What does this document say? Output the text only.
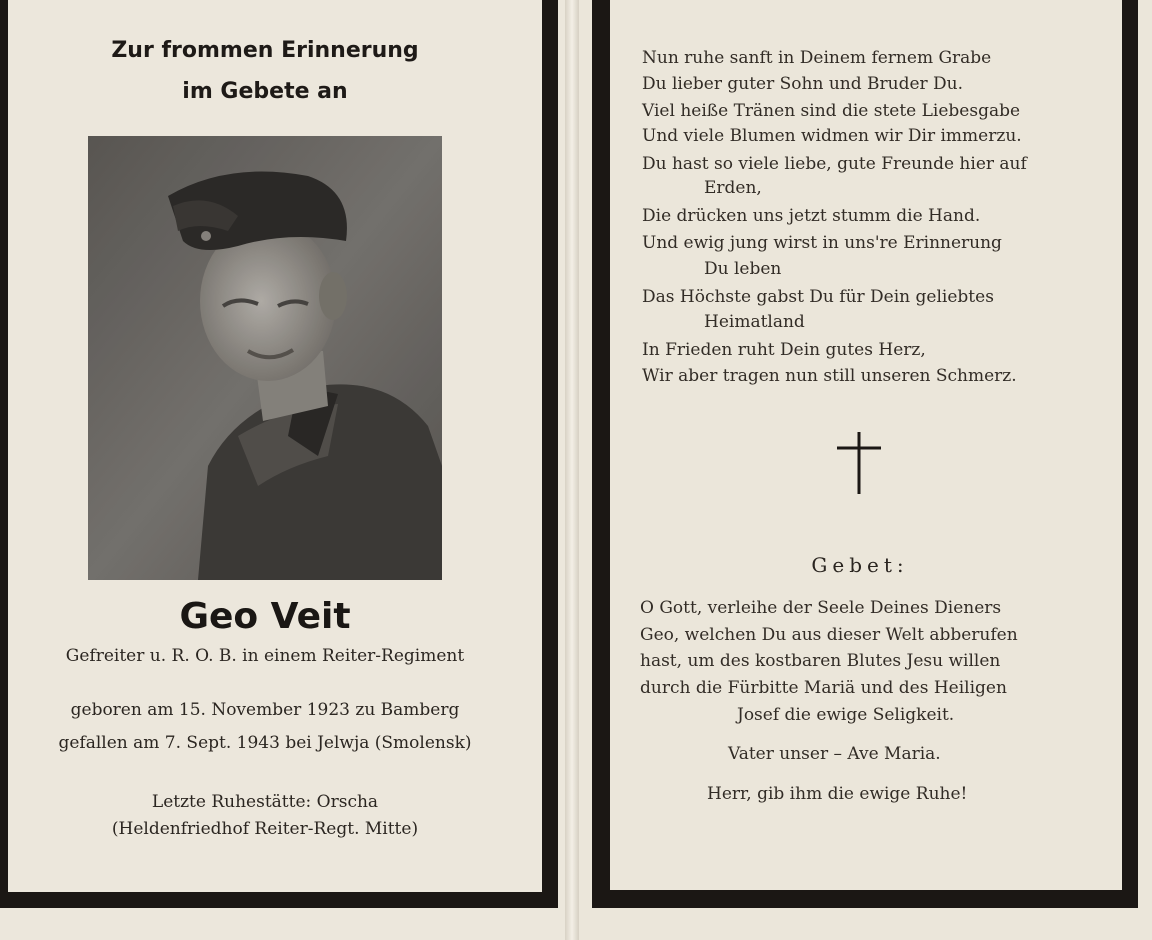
Zur frommen Erinnerung
im Gebete an
Geo Veit
Gefreiter u. R. O. B. in einem Reiter-Regiment
geboren am 15. November 1923 zu Bamberg
gefallen am 7. Sept. 1943 bei Jelwja (Smolensk)
Letzte Ruhestätte: Orscha
(Heldenfriedhof Reiter-Regt. Mitte)
Nun ruhe sanft in Deinem fernem Grabe
Du lieber guter Sohn und Bruder Du.
Viel heiße Tränen sind die stete Liebesgabe
Und viele Blumen widmen wir Dir immerzu.
Du hast so viele liebe, gute Freunde hier auf
Erden,
Die drücken uns jetzt stumm die Hand.
Und ewig jung wirst in uns're Erinnerung
Du leben
Das Höchste gabst Du für Dein geliebtes
Heimatland
In Frieden ruht Dein gutes Herz,
Wir aber tragen nun still unseren Schmerz.
Gebet:
O Gott, verleihe der Seele Deines Dieners
Geo, welchen Du aus dieser Welt abberufen
hast, um des kostbaren Blutes Jesu willen
durch die Fürbitte Mariä und des Heiligen
Josef die ewige Seligkeit.
Vater unser – Ave Maria.
Herr, gib ihm die ewige Ruhe!
